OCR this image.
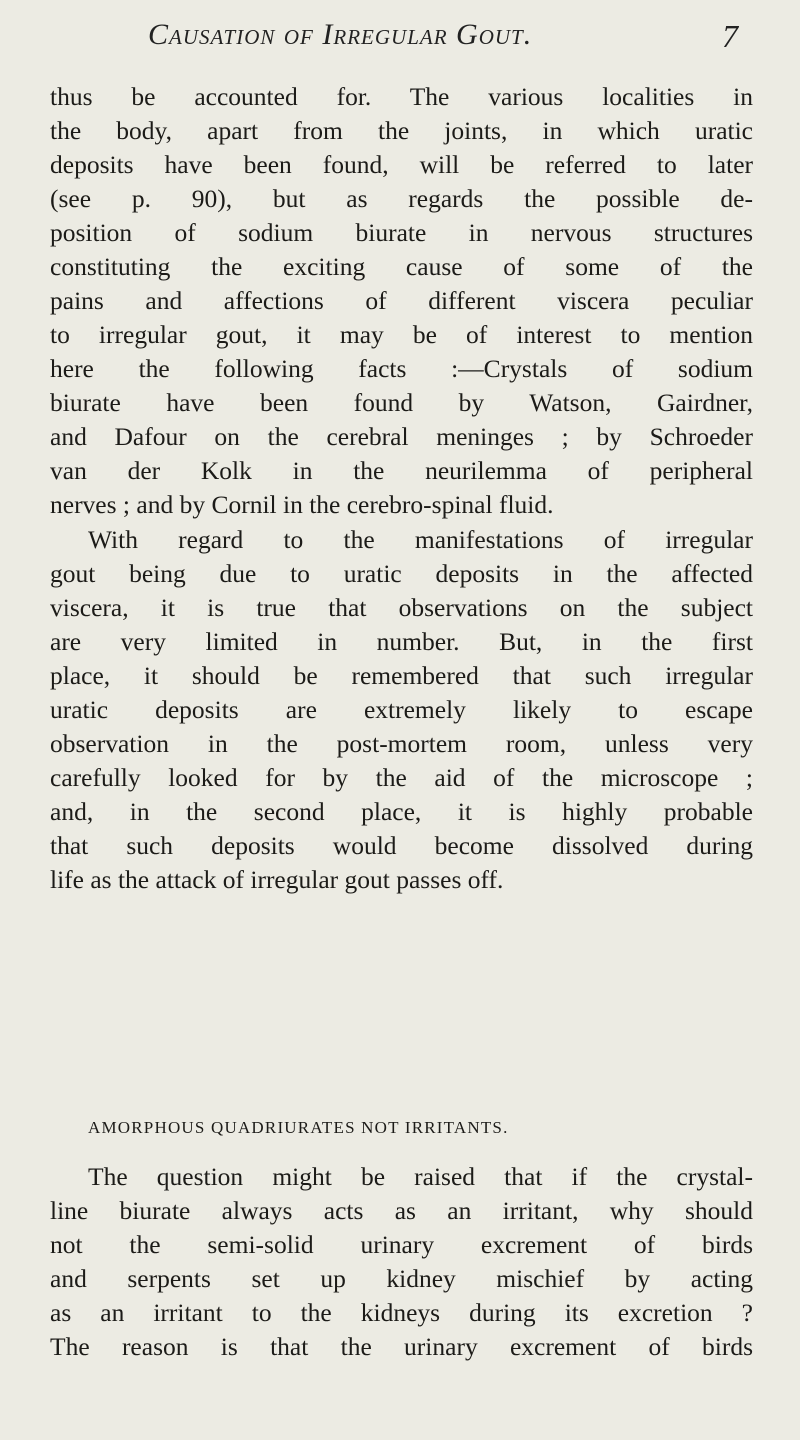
Causation of Irregular Gout.	7
thus be accounted for. The various localities in
the body, apart from the joints, in which uratic
deposits have been found, will be referred to later
(see p. 90), but as regards the possible de-
position of sodium biurate in nervous structures
constituting the exciting cause of some of the
pains and affections of different viscera peculiar
to irregular gout, it may be of interest to mention
here the following facts :—Crystals of sodium
biurate have been found by Watson, Gairdner,
and Dafour on the cerebral meninges ; by Schroeder
van der Kolk in the neurilemma of peripheral
nerves ; and by Cornil in the cerebro-spinal fluid.
With regard to the manifestations of irregular
gout being due to uratic deposits in the affected
viscera, it is true that observations on the subject
are very limited in number. But, in the first
place, it should be remembered that such irregular
uratic deposits are extremely likely to escape
observation in the post-mortem room, unless very
carefully looked for by the aid of the microscope ;
and, in the second place, it is highly probable
that such deposits would become dissolved during
life as the attack of irregular gout passes off.
AMORPHOUS QUADRIURATES NOT IRRITANTS.
The question might be raised that if the crystal-
line biurate always acts as an irritant, why should
not the semi-solid urinary excrement of birds
and serpents set up kidney mischief by acting
as an irritant to the kidneys during its excretion ?
The reason is that the urinary excrement of birds
